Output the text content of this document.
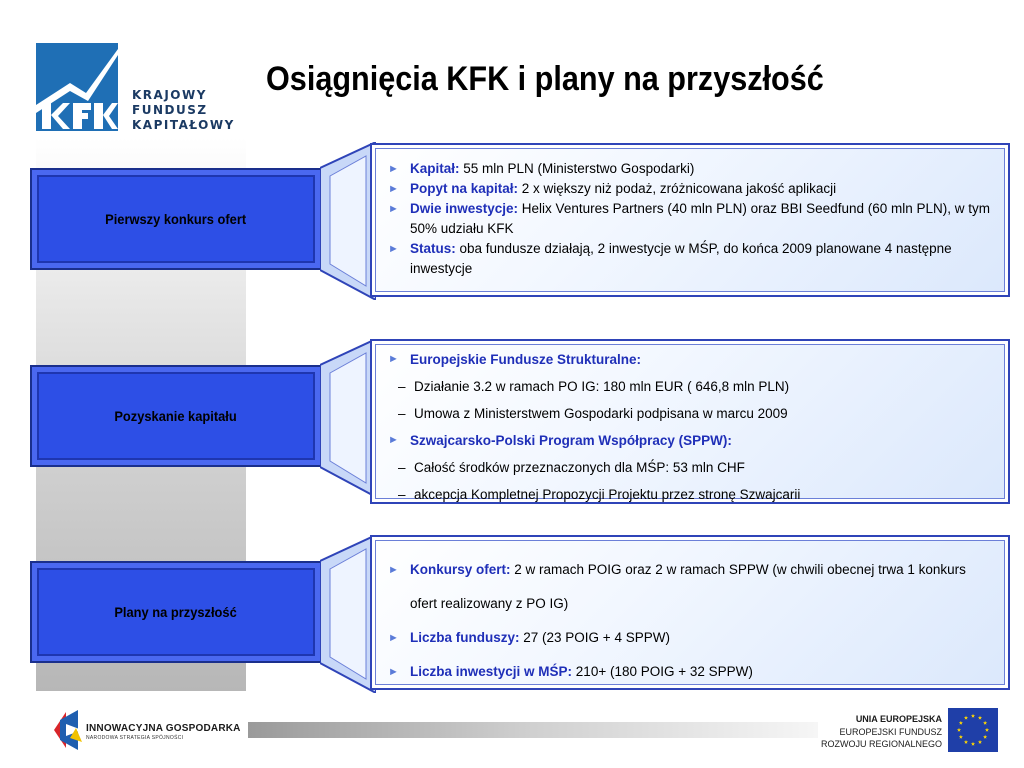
KRAJOWY
FUNDUSZ
KAPITAŁOWY
Osiągnięcia KFK i plany na przyszłość
Pierwszy konkurs ofert
► Kapitał: 55 mln PLN (Ministerstwo Gospodarki)
► Popyt na kapitał: 2 x większy niż podaż, zróżnicowana jakość aplikacji
► Dwie inwestycje: Helix Ventures Partners (40 mln PLN) oraz BBI Seedfund (60 mln PLN), w tym 50% udziału KFK
► Status: oba fundusze działają, 2 inwestycje w MŚP, do końca 2009 planowane 4 następne inwestycje
Pozyskanie kapitału
► Europejskie Fundusze Strukturalne:
– Działanie 3.2 w ramach PO IG: 180 mln EUR ( 646,8 mln PLN)
– Umowa z Ministerstwem Gospodarki podpisana w marcu 2009
► Szwajcarsko-Polski Program Współpracy (SPPW):
– Całość środków przeznaczonych dla MŚP: 53 mln CHF
– akcepcja Kompletnej Propozycji Projektu przez stronę Szwajcarii
Plany na przyszłość
► Konkursy ofert: 2 w ramach POIG oraz 2 w ramach SPPW (w chwili obecnej trwa 1 konkurs ofert realizowany z PO IG)
► Liczba funduszy: 27 (23 POIG + 4 SPPW)
► Liczba inwestycji w MŚP: 210+ (180 POIG + 32 SPPW)
INNOWACYJNA GOSPODARKA
NARODOWA STRATEGIA SPÓJNOŚCI
UNIA EUROPEJSKA
EUROPEJSKI FUNDUSZ
ROZWOJU REGIONALNEGO
